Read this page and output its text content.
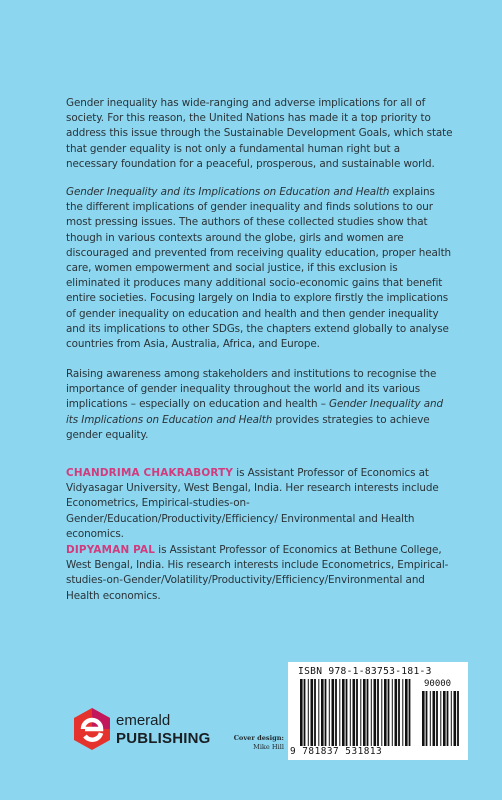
Gender inequality has wide-ranging and adverse implications for all of society. For this reason, the United Nations has made it a top priority to address this issue through the Sustainable Development Goals, which state that gender equality is not only a fundamental human right but a necessary foundation for a peaceful, prosperous, and sustainable world.

Gender Inequality and its Implications on Education and Health explains the different implications of gender inequality and finds solutions to our most pressing issues. The authors of these collected studies show that though in various contexts around the globe, girls and women are discouraged and prevented from receiving quality education, proper health care, women empowerment and social justice, if this exclusion is eliminated it produces many additional socio-economic gains that benefit entire societies. Focusing largely on India to explore firstly the implications of gender inequality on education and health and then gender inequality and its implications to other SDGs, the chapters extend globally to analyse countries from Asia, Australia, Africa, and Europe.

Raising awareness among stakeholders and institutions to recognise the importance of gender inequality throughout the world and its various implications – especially on education and health – Gender Inequality and its Implications on Education and Health provides strategies to achieve gender equality.

CHANDRIMA CHAKRABORTY is Assistant Professor of Economics at Vidyasagar University, West Bengal, India. Her research interests include Econometrics, Empirical-studies-on-Gender/Education/Productivity/Efficiency/ Environmental and Health economics.

DIPYAMAN PAL is Assistant Professor of Economics at Bethune College, West Bengal, India. His research interests include Econometrics, Empirical-studies-on-Gender/Volatility/Productivity/Efficiency/Environmental and Health economics.

emerald
PUBLISHING	Cover design:
Mike Hill
ISBN 978-1-83753-181-3
90000
9 781837 531813
